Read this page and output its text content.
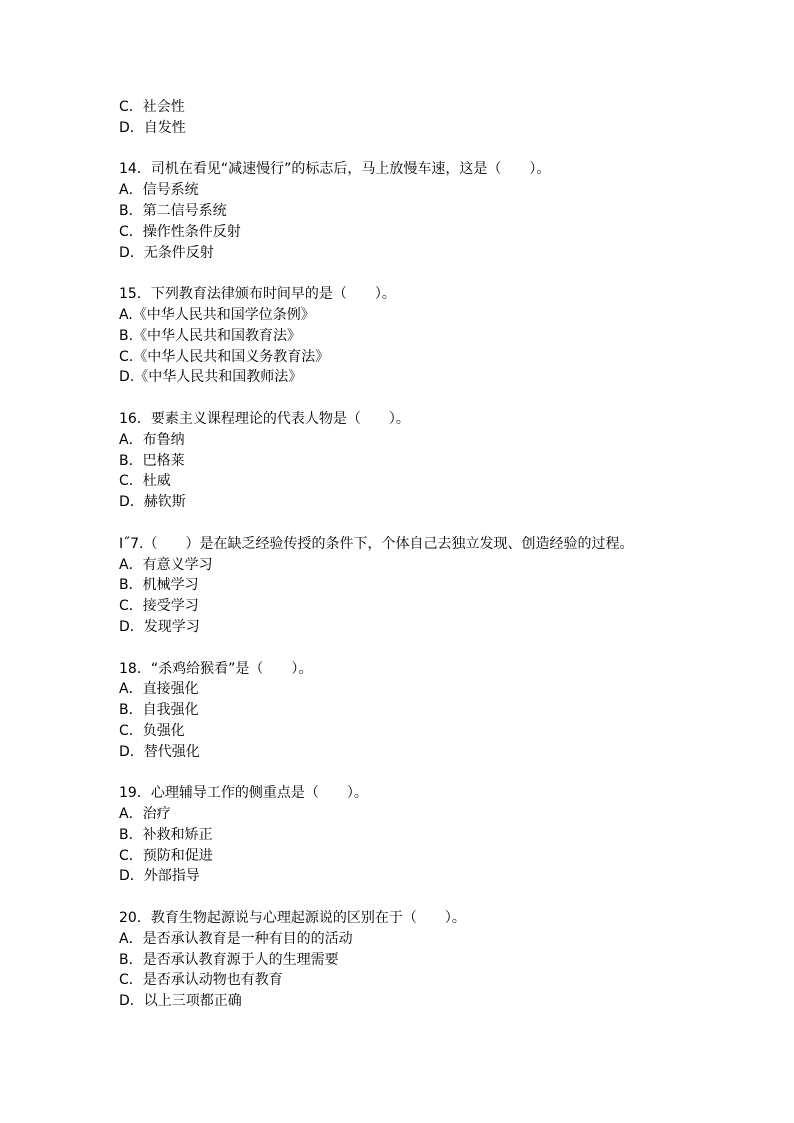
C．社会性
D．自发性
14．司机在看见“减速慢行”的标志后，马上放慢车速，这是（　　）。
A．信号系统
B．第二信号系统
C．操作性条件反射
D．无条件反射
15．下列教育法律颁布时间早的是（　　）。
A.《中华人民共和国学位条例》
B.《中华人民共和国教育法》
C.《中华人民共和国义务教育法》
D.《中华人民共和国教师法》
16．要素主义课程理论的代表人物是（　　）。
A．布鲁纳
B．巴格莱
C．杜威
D．赫钦斯
I˝7.（　　）是在缺乏经验传授的条件下，个体自己去独立发现、创造经验的过程。
A．有意义学习
B．机械学习
C．接受学习
D．发现学习
18．“杀鸡给猴看”是（　　）。
A．直接强化
B．自我强化
C．负强化
D．替代强化
19．心理辅导工作的侧重点是（　　）。
A．治疗
B．补救和矫正
C．预防和促进
D．外部指导
20．教育生物起源说与心理起源说的区别在于（　　）。
A．是否承认教育是一种有目的的活动
B．是否承认教育源于人的生理需要
C．是否承认动物也有教育
D．以上三项都正确
